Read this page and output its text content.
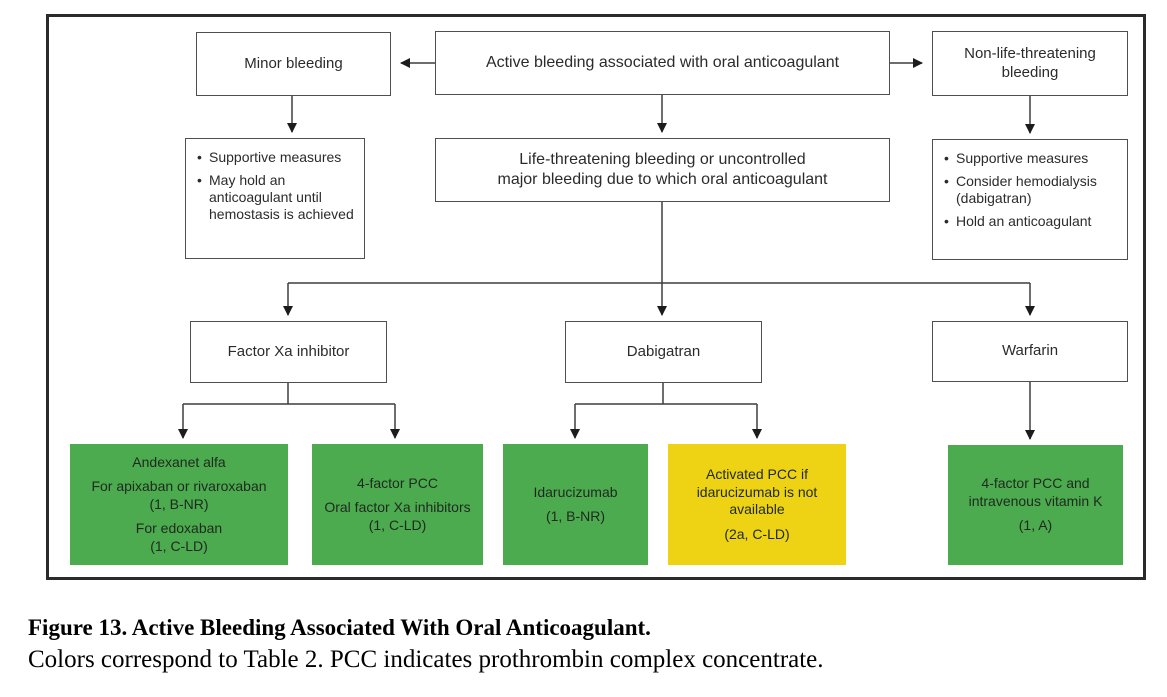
Minor bleeding	Active bleeding associated with oral anticoagulant
Non-life-threatening bleeding
• Supportive measures
• May hold an anticoagulant until hemostasis is achieved
Life-threatening bleeding or uncontrolled
major bleeding due to which oral anticoagulant
• Supportive measures
• Consider hemodialysis (dabigatran)
• Hold an anticoagulant
Factor Xa inhibitor	Dabigatran	Warfarin
Andexanet alfa
For apixaban or rivaroxaban
(1, B-NR)
For edoxaban
(1, C-LD)
4-factor PCC
Oral factor Xa inhibitors
(1, C-LD)
Idarucizumab
(1, B-NR)
Activated PCC if idarucizumab is not available
(2a, C-LD)
4-factor PCC and intravenous vitamin K
(1, A)
Figure 13. Active Bleeding Associated With Oral Anticoagulant.
Colors correspond to Table 2. PCC indicates prothrombin complex concentrate.
